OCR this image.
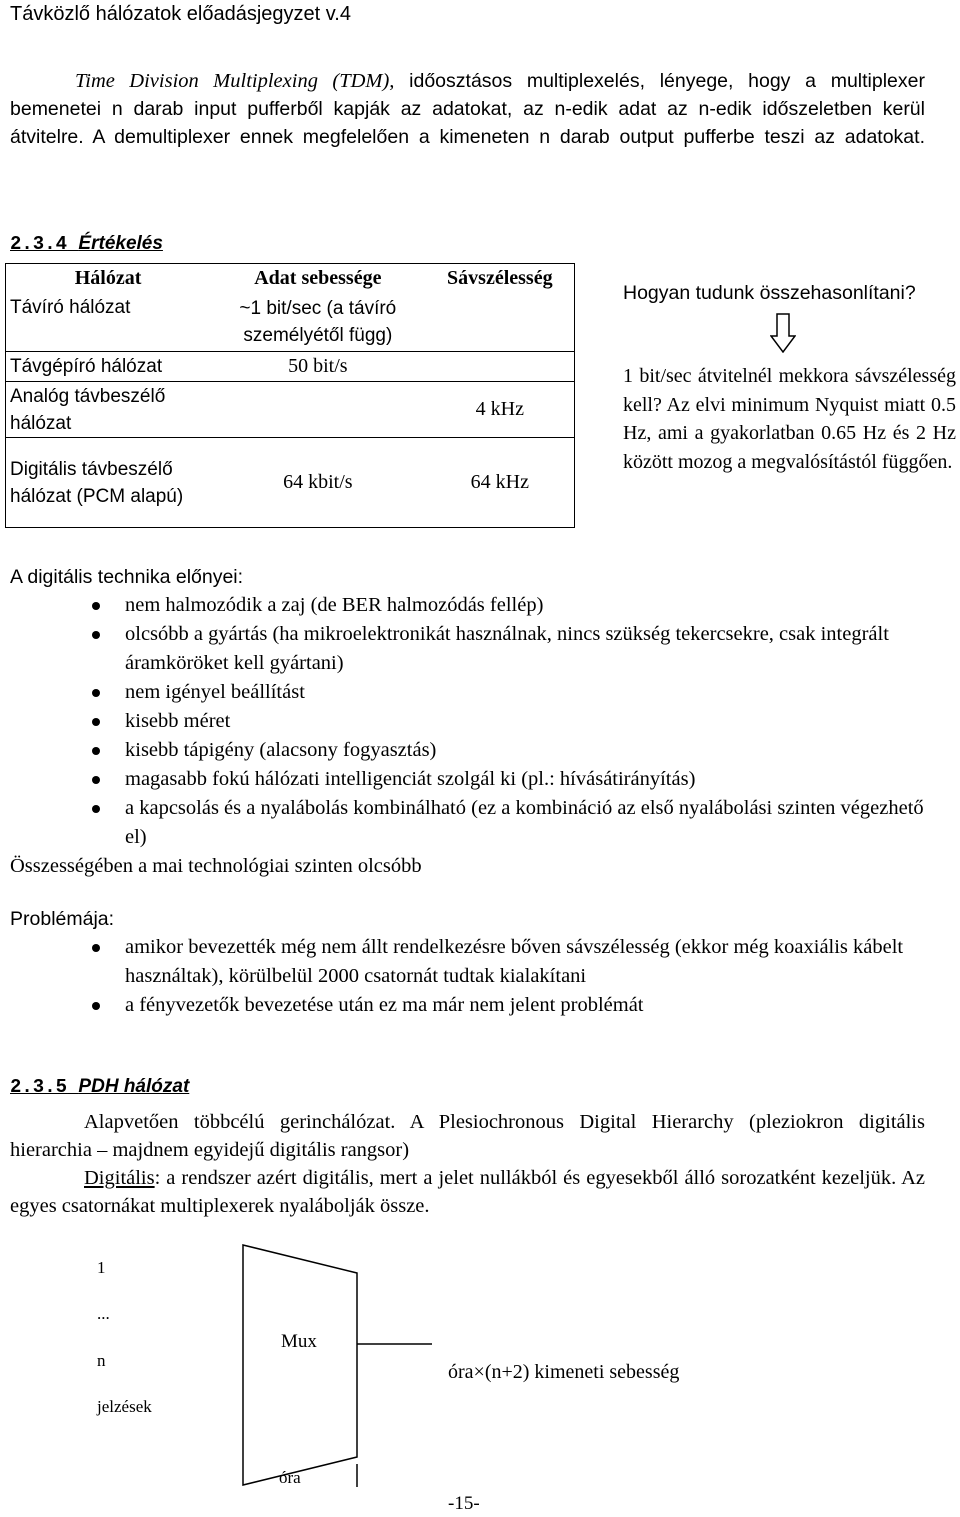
Távközlő hálózatok előadásjegyzet v.4
Time Division Multiplexing (TDM), időosztásos multiplexelés, lényege, hogy a multiplexer bemenetei n darab input pufferből kapják az adatokat, az n-edik adat az n-edik időszeletben kerül átvitelre. A demultiplexer ennek megfelelően a kimeneten n darab output pufferbe teszi az adatokat.
2.3.4 Értékelés
Hálózat	Adat sebessége	Sávszélesség
Távíró hálózat	~1 bit/sec (a távíró személyétől függ)	
Távgépíró hálózat	50 bit/s	
Analóg távbeszélő hálózat		4 kHz
Digitális távbeszélő hálózat (PCM alapú)	64 kbit/s	64 kHz
Hogyan tudunk összehasonlítani?
1 bit/sec átvitelnél mekkora sávszélesség kell? Az elvi minimum Nyquist miatt 0.5 Hz, ami a gyakorlatban 0.65 Hz és 2 Hz között mozog a megvalósítástól függően.
A digitális technika előnyei:
nem halmozódik a zaj (de BER halmozódás fellép)
olcsóbb a gyártás (ha mikroelektronikát használnak, nincs szükség tekercsekre, csak integrált áramköröket kell gyártani)
nem igényel beállítást
kisebb méret
kisebb tápigény (alacsony fogyasztás)
magasabb fokú hálózati intelligenciát szolgál ki (pl.: hívásátirányítás)
a kapcsolás és a nyalábolás kombinálható (ez a kombináció az első nyalábolási szinten végezhető el)
Összességében a mai technológiai szinten olcsóbb
Problémája:
amikor bevezették még nem állt rendelkezésre bőven sávszélesség (ekkor még koaxiális kábelt használtak), körülbelül 2000 csatornát tudtak kialakítani
a fényvezetők bevezetése után ez ma már nem jelent problémát
2.3.5 PDH hálózat
Alapvetően többcélú gerinchálózat. A Plesiochronous Digital Hierarchy (pleziokron digitális hierarchia – majdnem egyidejű digitális rangsor)
Digitális: a rendszer azért digitális, mert a jelet nullákból és egyesekből álló sorozatként kezeljük. Az egyes csatornákat multiplexerek nyalábolják össze.
1
...
n
jelzések
Mux
óra×(n+2) kimeneti sebesség
óra
-15-
